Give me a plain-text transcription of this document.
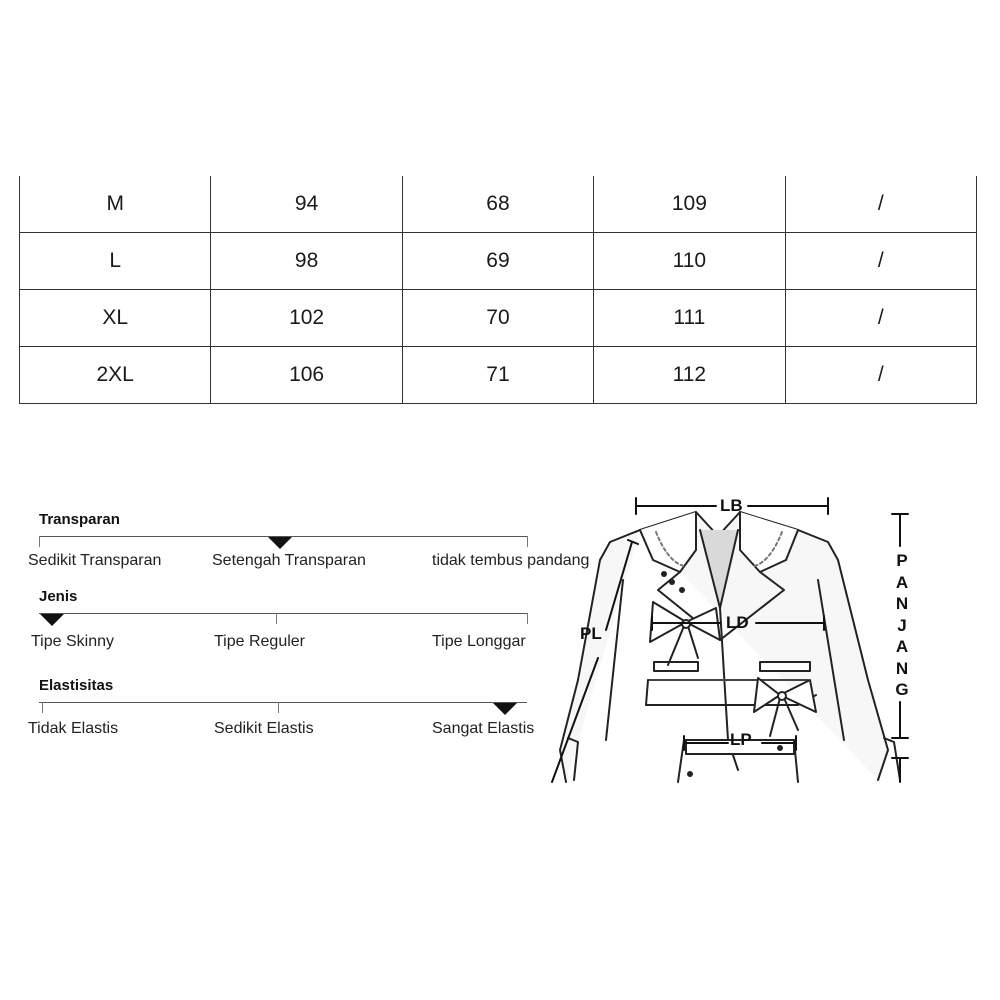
M	94	68	109	/
L	98	69	110	/
XL	102	70	111	/
2XL	106	71	112	/
Transparan
Sedikit Transparan	Setengah Transparan	tidak tembus pandang
Jenis
Tipe Skinny	Tipe Reguler	Tipe Longgar
Elastisitas
Tidak Elastis	Sedikit Elastis	Sangat Elastis
LB
PL
LD
LP
P
A
N
J
A
N
G
